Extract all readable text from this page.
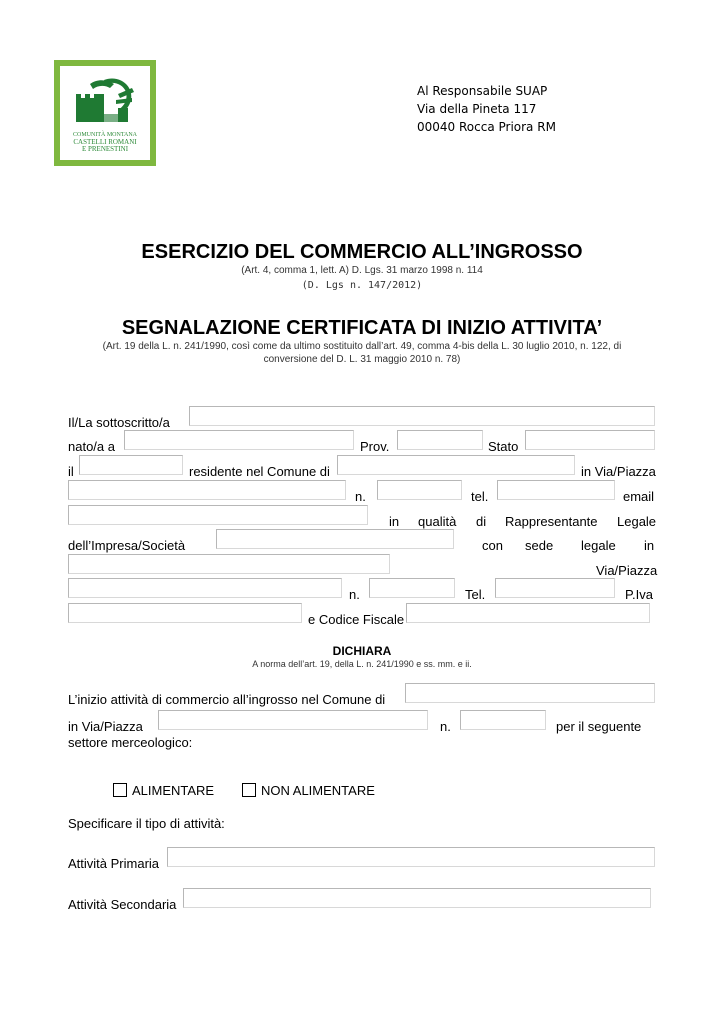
COMUNITÀ MONTANA
CASTELLI ROMANI
E PRENESTINI
Al Responsabile SUAP
Via della Pineta 117
00040 Rocca Priora RM
ESERCIZIO DEL COMMERCIO ALL’INGROSSO
(Art. 4, comma 1, lett. A) D. Lgs. 31 marzo 1998 n. 114
(D. Lgs n. 147/2012)
SEGNALAZIONE CERTIFICATA DI INIZIO ATTIVITA’
(Art. 19 della L. n. 241/1990, così come da ultimo sostituito dall’art. 49, comma 4-bis della L. 30 luglio 2010, n. 122, di
conversione del D. L. 31 maggio 2010 n. 78)
Il/La sottoscritto/a
nato/a a	Prov.	Stato
il	residente nel Comune di	in Via/Piazza
n.	tel.	email
in qualità di Rappresentante Legale
dell’Impresa/Società	con sede legale in
Via/Piazza
n.	Tel.	P.Iva
e Codice Fiscale
DICHIARA
A norma dell’art. 19, della L. n. 241/1990 e ss. mm. e ii.
L’inizio attività di commercio all’ingrosso nel Comune di
in Via/Piazza	n.	per il seguente
settore merceologico:
ALIMENTARE	NON ALIMENTARE
Specificare il tipo di attività:
Attività Primaria
Attività Secondaria
